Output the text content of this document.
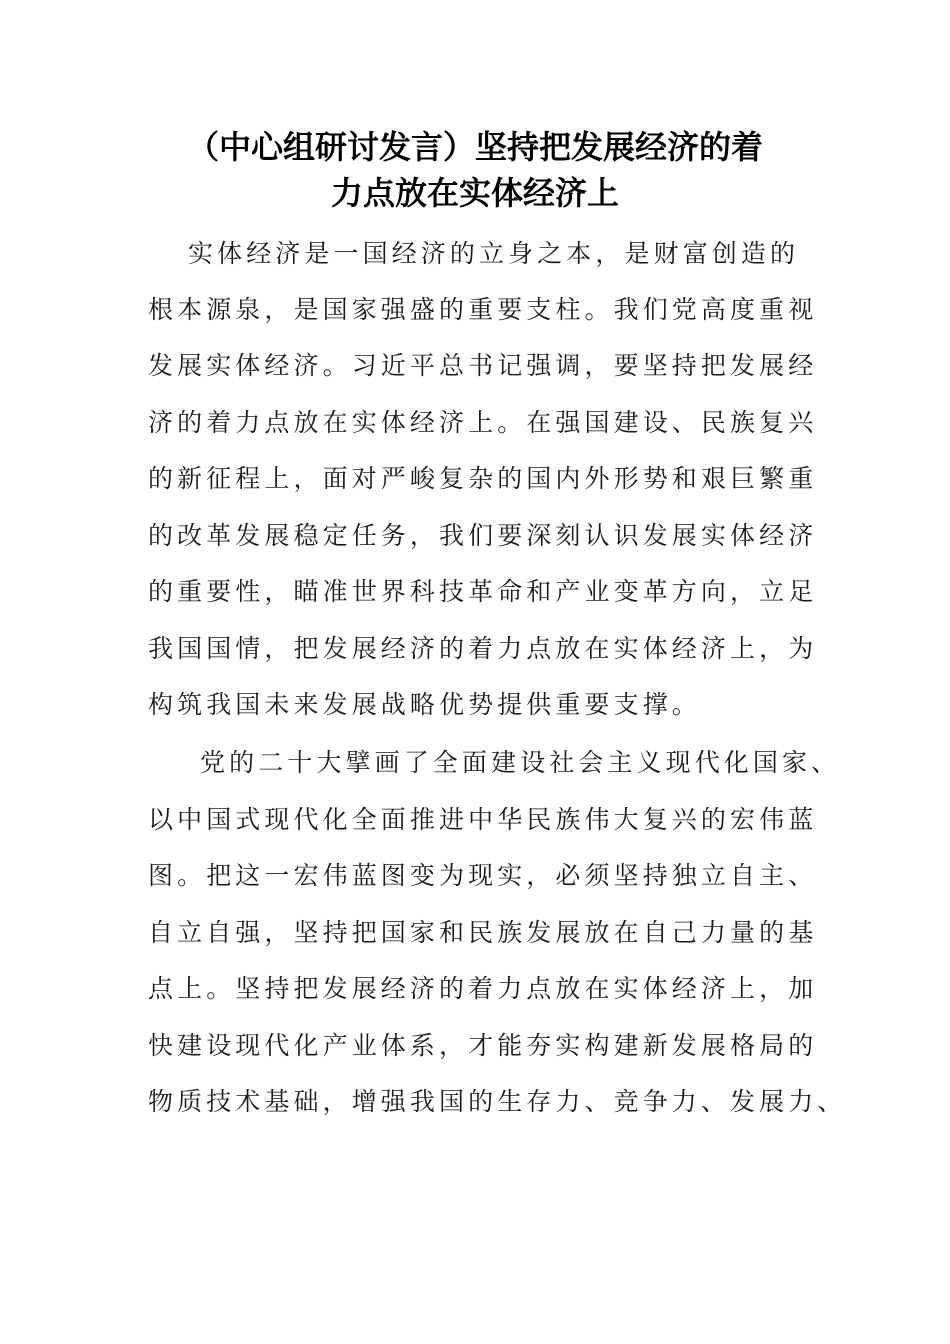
（中心组研讨发言）坚持把发展经济的着
力点放在实体经济上

实体经济是一国经济的立身之本，是财富创造的

根本源泉，是国家强盛的重要支柱。我们党高度重视

发展实体经济。习近平总书记强调，要坚持把发展经

济的着力点放在实体经济上。在强国建设、民族复兴

的新征程上，面对严峻复杂的国内外形势和艰巨繁重

的改革发展稳定任务，我们要深刻认识发展实体经济

的重要性，瞄准世界科技革命和产业变革方向，立足

我国国情，把发展经济的着力点放在实体经济上，为

构筑我国未来发展战略优势提供重要支撑。

党的二十大擘画了全面建设社会主义现代化国家、

以中国式现代化全面推进中华民族伟大复兴的宏伟蓝

图。把这一宏伟蓝图变为现实，必须坚持独立自主、

自立自强，坚持把国家和民族发展放在自己力量的基

点上。坚持把发展经济的着力点放在实体经济上，加

快建设现代化产业体系，才能夯实构建新发展格局的

物质技术基础，增强我国的生存力、竞争力、发展力、
